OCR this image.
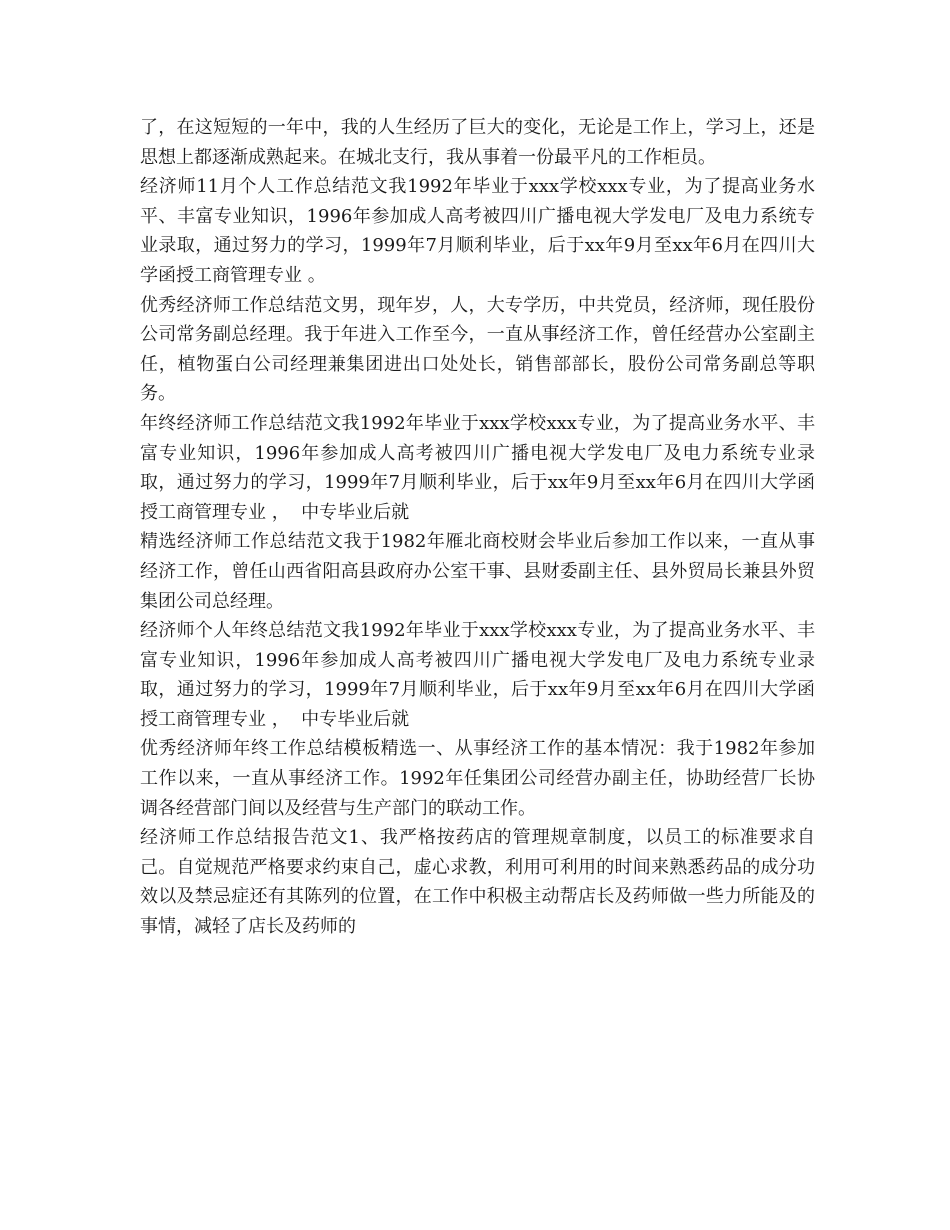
了，在这短短的一年中，我的人生经历了巨大的变化，无论是工作上，学习上，还是思想上都逐渐成熟起来。在城北支行，我从事着一份最平凡的工作柜员。

经济师11月个人工作总结范文我1992年毕业于xxx学校xxx专业，为了提高业务水平、丰富专业知识，1996年参加成人高考被四川广播电视大学发电厂及电力系统专业录取，通过努力的学习，1999年7月顺利毕业，后于xx年9月至xx年6月在四川大学函授工商管理专业 。

优秀经济师工作总结范文男，现年岁，人，大专学历，中共党员，经济师，现任股份公司常务副总经理。我于年进入工作至今，一直从事经济工作，曾任经营办公室副主任，植物蛋白公司经理兼集团进出口处处长，销售部部长，股份公司常务副总等职务。

年终经济师工作总结范文我1992年毕业于xxx学校xxx专业，为了提高业务水平、丰富专业知识，1996年参加成人高考被四川广播电视大学发电厂及电力系统专业录取，通过努力的学习，1999年7月顺利毕业，后于xx年9月至xx年6月在四川大学函授工商管理专业 ，  中专毕业后就

精选经济师工作总结范文我于1982年雁北商校财会毕业后参加工作以来，一直从事经济工作，曾任山西省阳高县政府办公室干事、县财委副主任、县外贸局长兼县外贸集团公司总经理。

经济师个人年终总结范文我1992年毕业于xxx学校xxx专业，为了提高业务水平、丰富专业知识，1996年参加成人高考被四川广播电视大学发电厂及电力系统专业录取，通过努力的学习，1999年7月顺利毕业，后于xx年9月至xx年6月在四川大学函授工商管理专业 ，  中专毕业后就

优秀经济师年终工作总结模板精选一、从事经济工作的基本情况：我于1982年参加工作以来，一直从事经济工作。1992年任集团公司经营办副主任，协助经营厂长协调各经营部门间以及经营与生产部门的联动工作。

经济师工作总结报告范文1、我严格按药店的管理规章制度，以员工的标准要求自己。自觉规范严格要求约束自己，虚心求教，利用可利用的时间来熟悉药品的成分功效以及禁忌症还有其陈列的位置，在工作中积极主动帮店长及药师做一些力所能及的事情，减轻了店长及药师的
